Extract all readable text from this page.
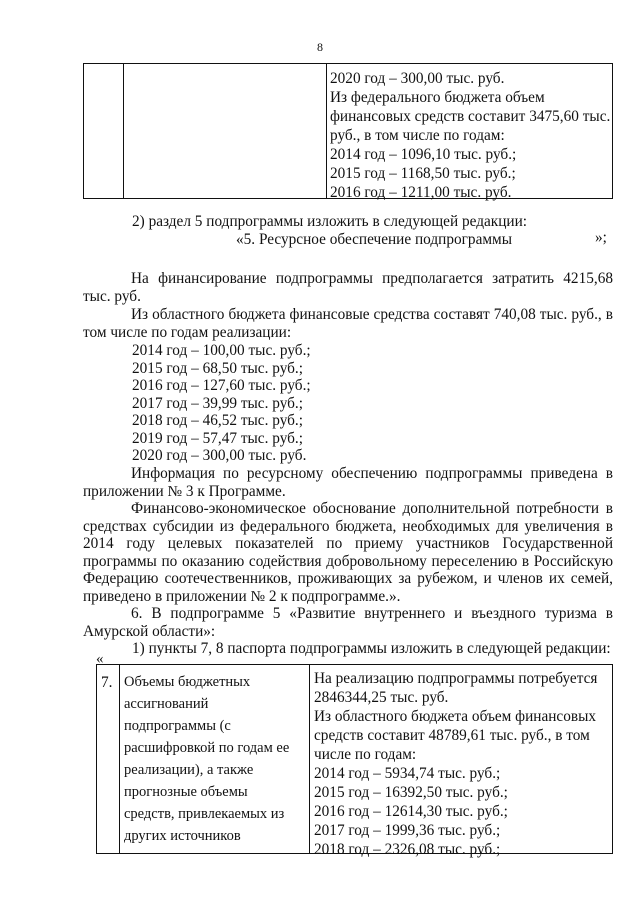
8
2020 год – 300,00 тыс. руб.
Из федерального бюджета объем
финансовых средств составит 3475,60 тыс.
руб., в том числе по годам:
2014 год – 1096,10 тыс. руб.;
2015 год – 1168,50 тыс. руб.;
2016 год – 1211,00 тыс. руб.
»;
2) раздел 5 подпрограммы изложить в следующей редакции:
«5. Ресурсное обеспечение подпрограммы
На финансирование подпрограммы предполагается затратить 4215,68 тыс. руб.
Из областного бюджета финансовые средства составят 740,08 тыс. руб., в том числе по годам реализации:
2014 год – 100,00 тыс. руб.;
2015 год – 68,50 тыс. руб.;
2016 год – 127,60 тыс. руб.;
2017 год – 39,99 тыс. руб.;
2018 год – 46,52 тыс. руб.;
2019 год – 57,47 тыс. руб.;
2020 год – 300,00 тыс. руб.
Информация по ресурсному обеспечению подпрограммы приведена в приложении № 3 к Программе.
Финансово-экономическое обоснование дополнительной потребности в средствах субсидии из федерального бюджета, необходимых для увеличения в 2014 году целевых показателей по приему участников Государственной программы по оказанию содействия добровольному переселению в Российскую Федерацию соотечественников, проживающих за рубежом, и членов их семей, приведено в приложении № 2 к подпрограмме.».
6. В подпрограмме 5 «Развитие внутреннего и въездного туризма в Амурской области»:
1) пункты 7, 8 паспорта подпрограммы изложить в следующей редакции:
«
7. Объемы бюджетных
ассигнований
подпрограммы (с
расшифровкой по годам ее
реализации), а также
прогнозные объемы
средств, привлекаемых из
других источников
На реализацию подпрограммы потребуется
2846344,25 тыс. руб.
Из областного бюджета объем финансовых
средств составит 48789,61 тыс. руб., в том
числе по годам:
2014 год – 5934,74 тыс. руб.;
2015 год – 16392,50 тыс. руб.;
2016 год – 12614,30 тыс. руб.;
2017 год – 1999,36 тыс. руб.;
2018 год – 2326,08 тыс. руб.;
